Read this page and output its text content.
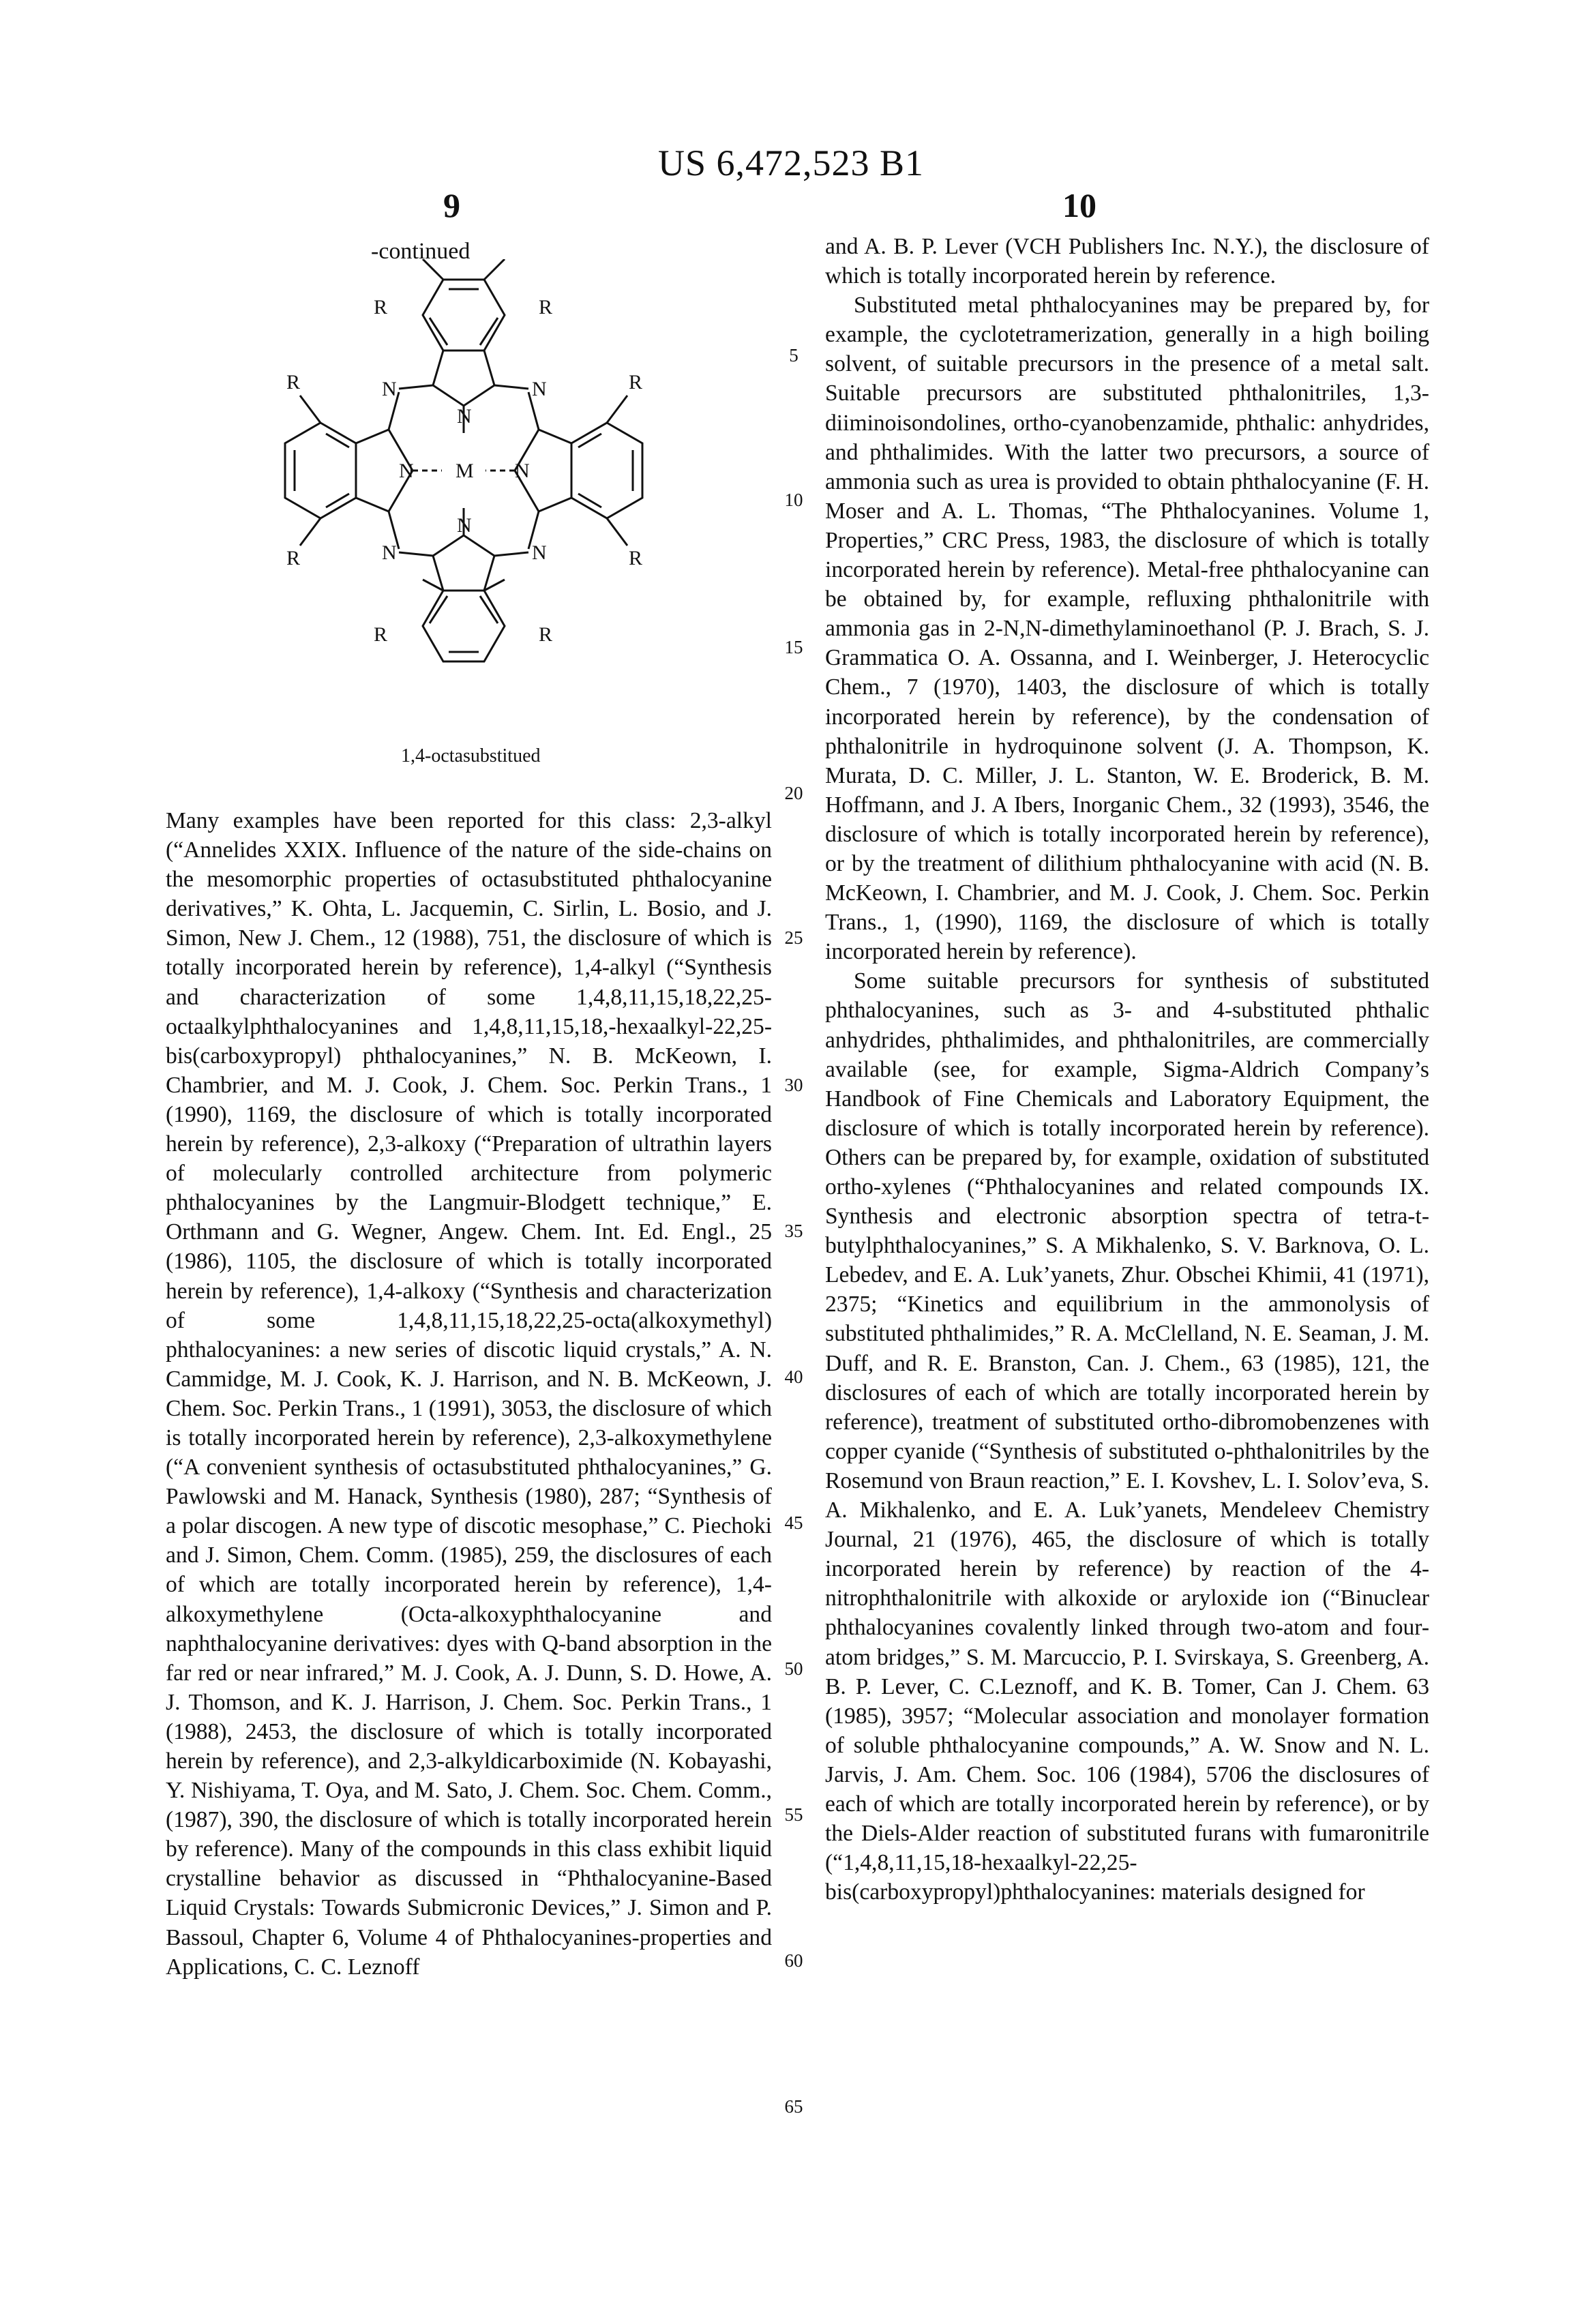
US 6,472,523 B1
9	10
-continued
R	R
R	R
R	R
R	R
N	N
N	N
N
N
N	N
M
1,4-octasubstitued
5
10
15
20
25
30
35
40
45
50
55
60
65

Many examples have been reported for this class: 2,3-alkyl (“Annelides XXIX. Influence of the nature of the side-chains on the mesomorphic properties of octasubstituted phthalocyanine derivatives,” K. Ohta, L. Jacquemin, C. Sirlin, L. Bosio, and J. Simon, New J. Chem., 12 (1988), 751, the disclosure of which is totally incorporated herein by reference), 1,4-alkyl (“Synthesis and characterization of some 1,4,8,11,15,18,22,25-octaalkylphthalocyanines and 1,4,8,11,15,18,-hexaalkyl-22,25-bis(carboxypropyl) phthalocyanines,” N. B. McKeown, I. Chambrier, and M. J. Cook, J. Chem. Soc. Perkin Trans., 1 (1990), 1169, the disclosure of which is totally incorporated herein by reference), 2,3-alkoxy (“Preparation of ultrathin layers of molecularly controlled architecture from polymeric phthalocyanines by the Langmuir-Blodgett technique,” E. Orthmann and G. Wegner, Angew. Chem. Int. Ed. Engl., 25 (1986), 1105, the disclosure of which is totally incorporated herein by reference), 1,4-alkoxy (“Synthesis and characterization of some 1,4,8,11,15,18,22,25-octa(alkoxymethyl) phthalocyanines: a new series of discotic liquid crystals,” A. N. Cammidge, M. J. Cook, K. J. Harrison, and N. B. McKeown, J. Chem. Soc. Perkin Trans., 1 (1991), 3053, the disclosure of which is totally incorporated herein by reference), 2,3-alkoxymethylene (“A convenient synthesis of octasubstituted phthalocyanines,” G. Pawlowski and M. Hanack, Synthesis (1980), 287; “Synthesis of a polar discogen. A new type of discotic mesophase,” C. Piechoki and J. Simon, Chem. Comm. (1985), 259, the disclosures of each of which are totally incorporated herein by reference), 1,4-alkoxymethylene (Octa-alkoxyphthalocyanine and naphthalocyanine derivatives: dyes with Q-band absorption in the far red or near infrared,” M. J. Cook, A. J. Dunn, S. D. Howe, A. J. Thomson, and K. J. Harrison, J. Chem. Soc. Perkin Trans., 1 (1988), 2453, the disclosure of which is totally incorporated herein by reference), and 2,3-alkyldicarboximide (N. Kobayashi, Y. Nishiyama, T. Oya, and M. Sato, J. Chem. Soc. Chem. Comm., (1987), 390, the disclosure of which is totally incorporated herein by reference). Many of the compounds in this class exhibit liquid crystalline behavior as discussed in “Phthalocyanine-Based Liquid Crystals: Towards Submicronic Devices,” J. Simon and P. Bassoul, Chapter 6, Volume 4 of Phthalocyanines-properties and Applications, C. C. Leznoff

and A. B. P. Lever (VCH Publishers Inc. N.Y.), the disclosure of which is totally incorporated herein by reference.

Substituted metal phthalocyanines may be prepared by, for example, the cyclotetramerization, generally in a high boiling solvent, of suitable precursors in the presence of a metal salt. Suitable precursors are substituted phthalonitriles, 1,3-diiminoisondolines, ortho-cyanobenzamide, phthalic: anhydrides, and phthalimides. With the latter two precursors, a source of ammonia such as urea is provided to obtain phthalocyanine (F. H. Moser and A. L. Thomas, “The Phthalocyanines. Volume 1, Properties,” CRC Press, 1983, the disclosure of which is totally incorporated herein by reference). Metal-free phthalocyanine can be obtained by, for example, refluxing phthalonitrile with ammonia gas in 2-N,N-dimethylaminoethanol (P. J. Brach, S. J. Grammatica O. A. Ossanna, and I. Weinberger, J. Heterocyclic Chem., 7 (1970), 1403, the disclosure of which is totally incorporated herein by reference), by the condensation of phthalonitrile in hydroquinone solvent (J. A. Thompson, K. Murata, D. C. Miller, J. L. Stanton, W. E. Broderick, B. M. Hoffmann, and J. A Ibers, Inorganic Chem., 32 (1993), 3546, the disclosure of which is totally incorporated herein by reference), or by the treatment of dilithium phthalocyanine with acid (N. B. McKeown, I. Chambrier, and M. J. Cook, J. Chem. Soc. Perkin Trans., 1, (1990), 1169, the disclosure of which is totally incorporated herein by reference).

Some suitable precursors for synthesis of substituted phthalocyanines, such as 3- and 4-substituted phthalic anhydrides, phthalimides, and phthalonitriles, are commercially available (see, for example, Sigma-Aldrich Company’s Handbook of Fine Chemicals and Laboratory Equipment, the disclosure of which is totally incorporated herein by reference). Others can be prepared by, for example, oxidation of substituted ortho-xylenes (“Phthalocyanines and related compounds IX. Synthesis and electronic absorption spectra of tetra-t-butylphthalocyanines,” S. A Mikhalenko, S. V. Barknova, O. L. Lebedev, and E. A. Luk’yanets, Zhur. Obschei Khimii, 41 (1971), 2375; “Kinetics and equilibrium in the ammonolysis of substituted phthalimides,” R. A. McClelland, N. E. Seaman, J. M. Duff, and R. E. Branston, Can. J. Chem., 63 (1985), 121, the disclosures of each of which are totally incorporated herein by reference), treatment of substituted ortho-dibromobenzenes with copper cyanide (“Synthesis of substituted o-phthalonitriles by the Rosemund von Braun reaction,” E. I. Kovshev, L. I. Solov’eva, S. A. Mikhalenko, and E. A. Luk’yanets, Mendeleev Chemistry Journal, 21 (1976), 465, the disclosure of which is totally incorporated herein by reference) by reaction of the 4-nitrophthalonitrile with alkoxide or aryloxide ion (“Binuclear phthalocyanines covalently linked through two-atom and four-atom bridges,” S. M. Marcuccio, P. I. Svirskaya, S. Greenberg, A. B. P. Lever, C. C.Leznoff, and K. B. Tomer, Can J. Chem. 63 (1985), 3957; “Molecular association and monolayer formation of soluble phthalocyanine compounds,” A. W. Snow and N. L. Jarvis, J. Am. Chem. Soc. 106 (1984), 5706 the disclosures of each of which are totally incorporated herein by reference), or by the Diels-Alder reaction of substituted furans with fumaronitrile (“1,4,8,11,15,18-hexaalkyl-22,25-bis(carboxypropyl)phthalocyanines: materials designed for
